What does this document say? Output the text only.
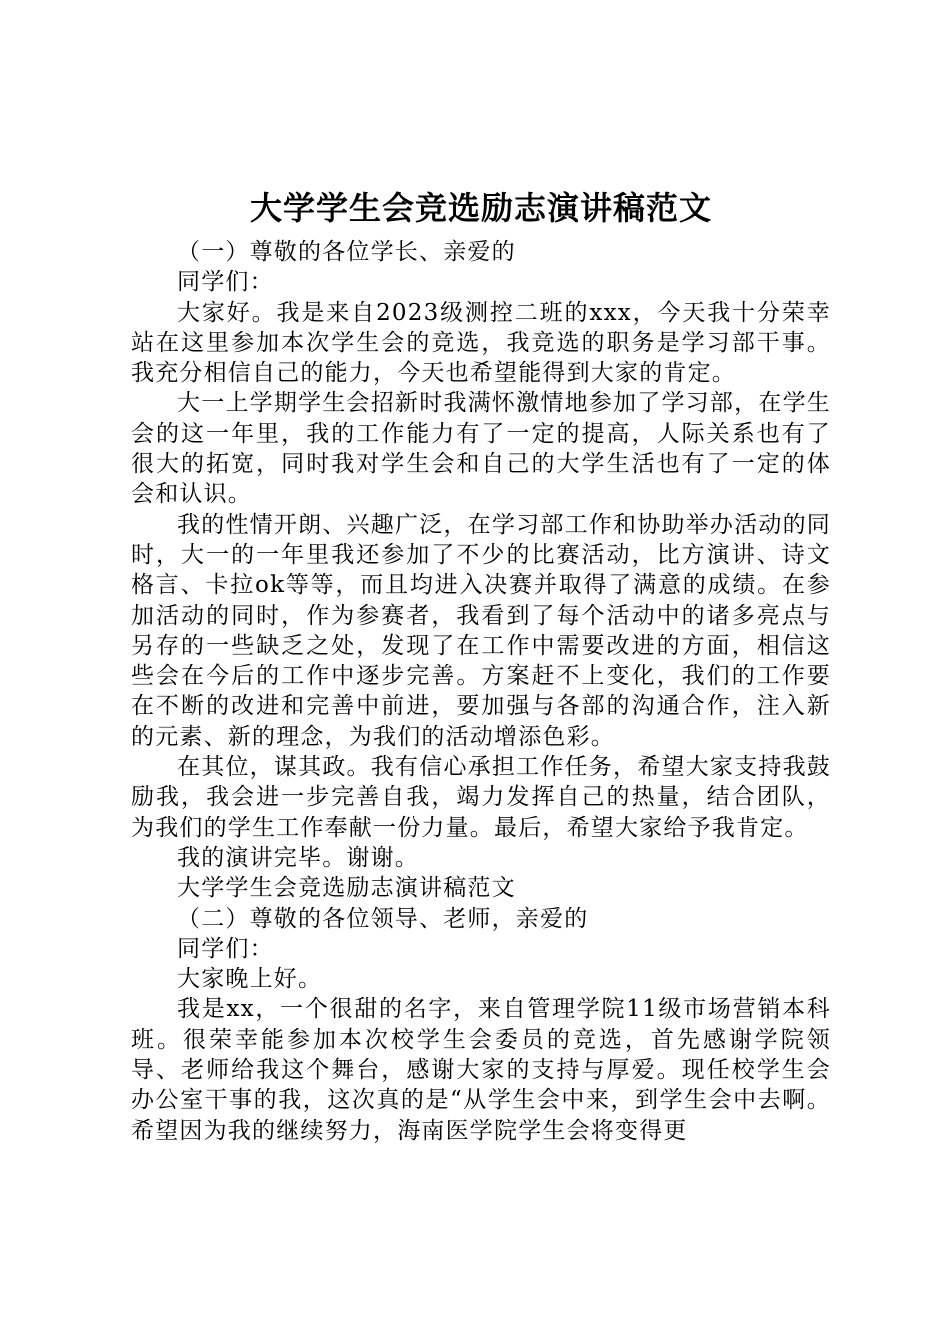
大学学生会竞选励志演讲稿范文

（一）尊敬的各位学长、亲爱的

同学们：

大家好。我是来自2023级测控二班的xxx，今天我十分荣幸站在这里参加本次学生会的竞选，我竞选的职务是学习部干事。我充分相信自己的能力，今天也希望能得到大家的肯定。

大一上学期学生会招新时我满怀激情地参加了学习部，在学生会的这一年里，我的工作能力有了一定的提高，人际关系也有了很大的拓宽，同时我对学生会和自己的大学生活也有了一定的体会和认识。

我的性情开朗、兴趣广泛，在学习部工作和协助举办活动的同时，大一的一年里我还参加了不少的比赛活动，比方演讲、诗文格言、卡拉ok等等，而且均进入决赛并取得了满意的成绩。在参加活动的同时，作为参赛者，我看到了每个活动中的诸多亮点与另存的一些缺乏之处，发现了在工作中需要改进的方面，相信这些会在今后的工作中逐步完善。方案赶不上变化，我们的工作要在不断的改进和完善中前进，要加强与各部的沟通合作，注入新的元素、新的理念，为我们的活动增添色彩。

在其位，谋其政。我有信心承担工作任务，希望大家支持我鼓励我，我会进一步完善自我，竭力发挥自己的热量，结合团队，为我们的学生工作奉献一份力量。最后，希望大家给予我肯定。

我的演讲完毕。谢谢。

大学学生会竞选励志演讲稿范文

（二）尊敬的各位领导、老师，亲爱的

同学们：

大家晚上好。

我是xx，一个很甜的名字，来自管理学院11级市场营销本科班。很荣幸能参加本次校学生会委员的竞选，首先感谢学院领导、老师给我这个舞台，感谢大家的支持与厚爱。现任校学生会办公室干事的我，这次真的是“从学生会中来，到学生会中去啊。希望因为我的继续努力，海南医学院学生会将变得更
